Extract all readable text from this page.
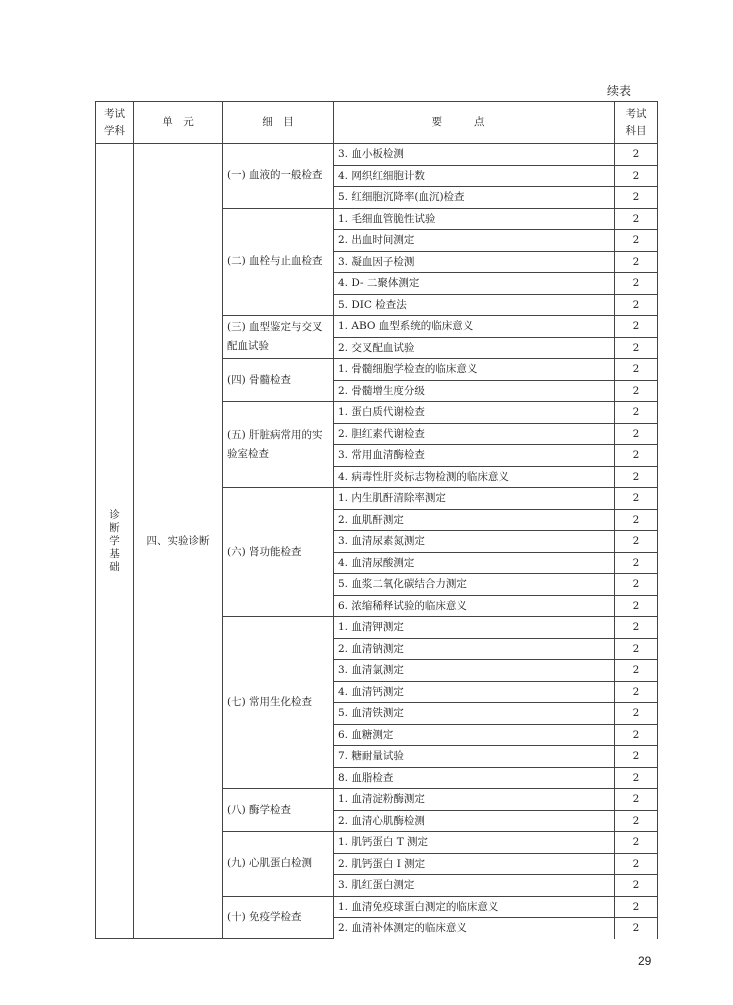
续表
考试
学科	单　元	细　目	要点	考试
科目
诊断学基础	四、实验诊断	(一) 血液的一般检查	3. 血小板检测	2
			4. 网织红细胞计数	2
			5. 红细胞沉降率(血沉)检查	2
		(二) 血栓与止血检查	1. 毛细血管脆性试验	2
			2. 出血时间测定	2
			3. 凝血因子检测	2
			4. D- 二聚体测定	2
			5. DIC 检查法	2
		(三) 血型鉴定与交叉配血试验	1. ABO 血型系统的临床意义	2
			2. 交叉配血试验	2
		(四) 骨髓检查	1. 骨髓细胞学检查的临床意义	2
			2. 骨髓增生度分级	2
		(五) 肝脏病常用的实验室检查	1. 蛋白质代谢检查	2
			2. 胆红素代谢检查	2
			3. 常用血清酶检查	2
			4. 病毒性肝炎标志物检测的临床意义	2
		(六) 肾功能检查	1. 内生肌酐清除率测定	2
			2. 血肌酐测定	2
			3. 血清尿素氮测定	2
			4. 血清尿酸测定	2
			5. 血浆二氧化碳结合力测定	2
			6. 浓缩稀释试验的临床意义	2
		(七) 常用生化检查	1. 血清钾测定	2
			2. 血清钠测定	2
			3. 血清氯测定	2
			4. 血清钙测定	2
			5. 血清铁测定	2
			6. 血糖测定	2
			7. 糖耐量试验	2
			8. 血脂检查	2
		(八) 酶学检查	1. 血清淀粉酶测定	2
			2. 血清心肌酶检测	2
		(九) 心肌蛋白检测	1. 肌钙蛋白 T 测定	2
			2. 肌钙蛋白 I 测定	2
			3. 肌红蛋白测定	2
		(十) 免疫学检查	1. 血清免疫球蛋白测定的临床意义	2
			2. 血清补体测定的临床意义	2
29
